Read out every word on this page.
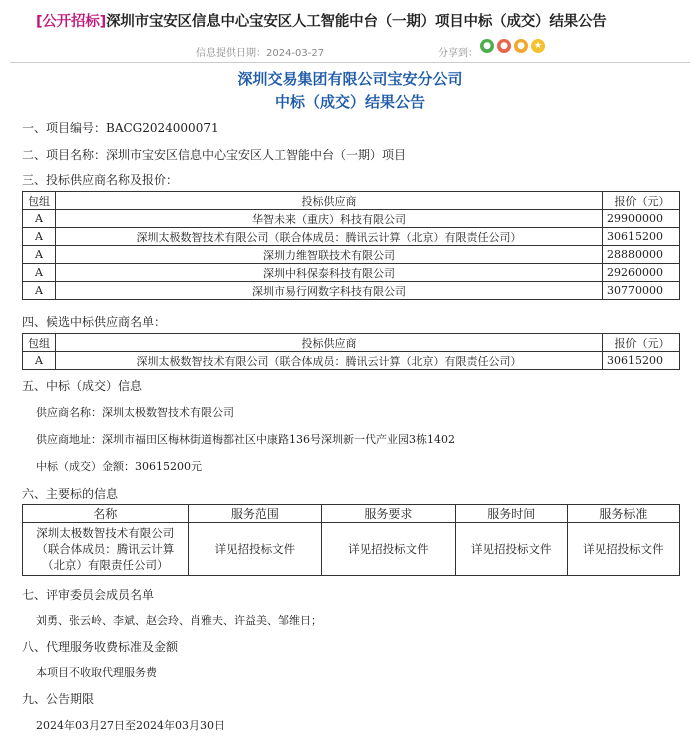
[公开招标]深圳市宝安区信息中心宝安区人工智能中台（一期）项目中标（成交）结果公告
信息提供日期：2024-03-27	分享到：
●	●	●	★
深圳交易集团有限公司宝安分公司
中标（成交）结果公告
一、项目编号：BACG2024000071
二、项目名称：深圳市宝安区信息中心宝安区人工智能中台（一期）项目
三、投标供应商名称及报价：
包组	投标供应商	报价（元）
A	华智未来（重庆）科技有限公司	29900000
A	深圳太极数智技术有限公司（联合体成员：腾讯云计算（北京）有限责任公司）	30615200
A	深圳力维智联技术有限公司	28880000
A	深圳中科保泰科技有限公司	29260000
A	深圳市易行网数字科技有限公司	30770000
四、候选中标供应商名单：
包组	投标供应商	报价（元）
A	深圳太极数智技术有限公司（联合体成员：腾讯云计算（北京）有限责任公司）	30615200
五、中标（成交）信息
供应商名称：深圳太极数智技术有限公司
供应商地址：深圳市福田区梅林街道梅都社区中康路136号深圳新一代产业园3栋1402
中标（成交）金额：30615200元
六、主要标的信息
名称	服务范围	服务要求	服务时间	服务标准

深圳太极数智技术有限公司
（联合体成员：腾讯云计算
（北京）有限责任公司）	详见招投标文件	详见招投标文件	详见招投标文件	详见招投标文件
七、评审委员会成员名单
刘勇、张云岭、李斌、赵会玲、肖雅夫、许益美、邹维日；
八、代理服务收费标准及金额
本项目不收取代理服务费
九、公告期限
2024年03月27日至2024年03月30日
